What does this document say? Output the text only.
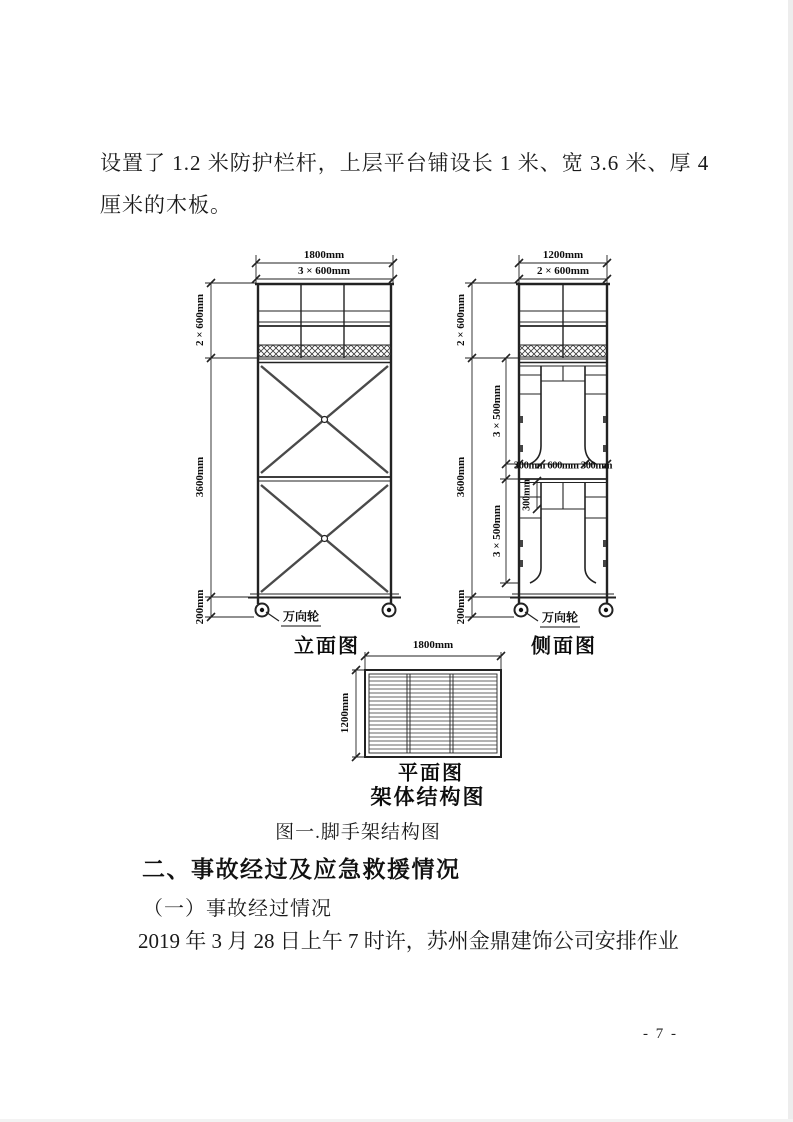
设置了 1.2 米防护栏杆，上层平台铺设长 1 米、宽 3.6 米、厚 4
厘米的木板。
1800mm
3 × 600mm
2 × 600mm
3600mm
200mm	万向轮
立面图
1200mm
2 × 600mm
2 × 600mm
3600mm
200mm
3 × 500mm
3 × 500mm
300mm 600mm 300mm
300mm
万向轮
侧面图
1800mm
1200mm
平面图
架体结构图
图一.脚手架结构图
二、事故经过及应急救援情况
（一）事故经过情况
2019 年 3 月 28 日上午 7 时许，苏州金鼎建饰公司安排作业
- 7 -
